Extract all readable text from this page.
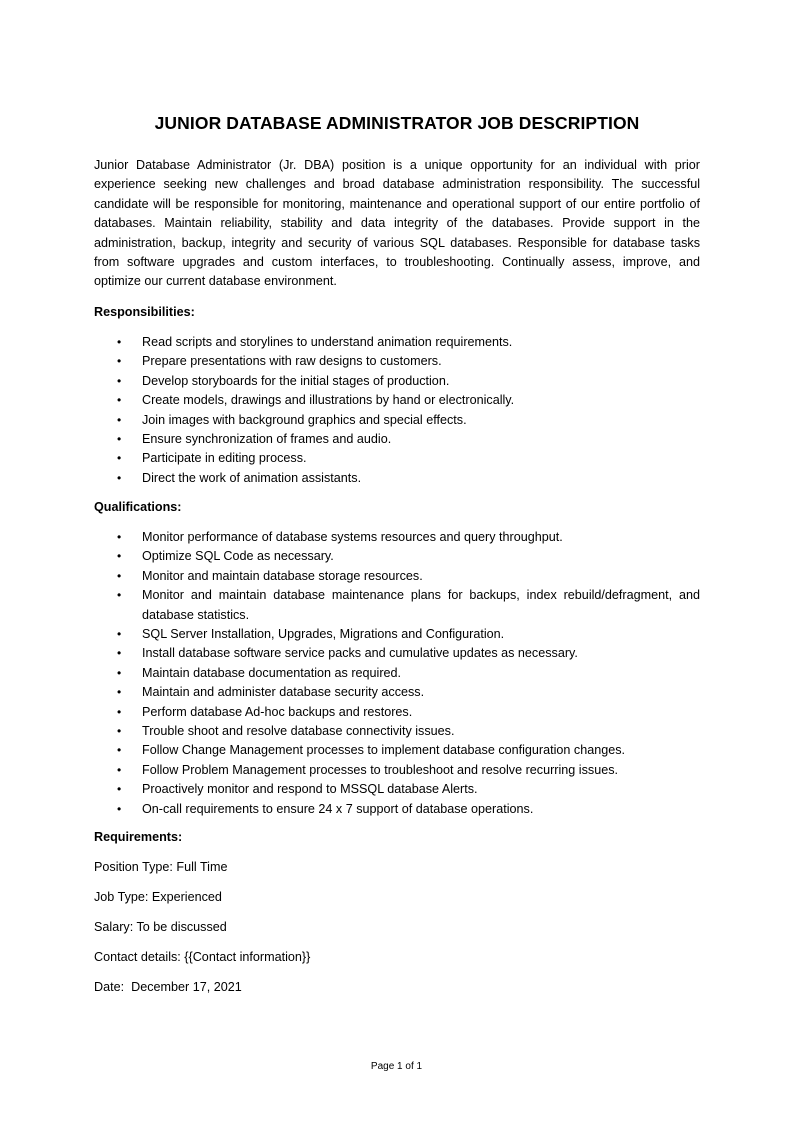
JUNIOR DATABASE ADMINISTRATOR JOB DESCRIPTION

Junior Database Administrator (Jr. DBA) position is a unique opportunity for an individual with prior experience seeking new challenges and broad database administration responsibility. The successful candidate will be responsible for monitoring, maintenance and operational support of our entire portfolio of databases. Maintain reliability, stability and data integrity of the databases. Provide support in the administration, backup, integrity and security of various SQL databases. Responsible for database tasks from software upgrades and custom interfaces, to troubleshooting. Continually assess, improve, and optimize our current database environment.

Responsibilities:

• Read scripts and storylines to understand animation requirements.
• Prepare presentations with raw designs to customers.
• Develop storyboards for the initial stages of production.
• Create models, drawings and illustrations by hand or electronically.
• Join images with background graphics and special effects.
• Ensure synchronization of frames and audio.
• Participate in editing process.
• Direct the work of animation assistants.

Qualifications:

• Monitor performance of database systems resources and query throughput.
• Optimize SQL Code as necessary.
• Monitor and maintain database storage resources.
• Monitor and maintain database maintenance plans for backups, index rebuild/defragment, and database statistics.
• SQL Server Installation, Upgrades, Migrations and Configuration.
• Install database software service packs and cumulative updates as necessary.
• Maintain database documentation as required.
• Maintain and administer database security access.
• Perform database Ad-hoc backups and restores.
• Trouble shoot and resolve database connectivity issues.
• Follow Change Management processes to implement database configuration changes.
• Follow Problem Management processes to troubleshoot and resolve recurring issues.
• Proactively monitor and respond to MSSQL database Alerts.
• On-call requirements to ensure 24 x 7 support of database operations.

Requirements:

Position Type: Full Time

Job Type: Experienced

Salary: To be discussed

Contact details: {{Contact information}}

Date:  December 17, 2021

Page 1 of 1
